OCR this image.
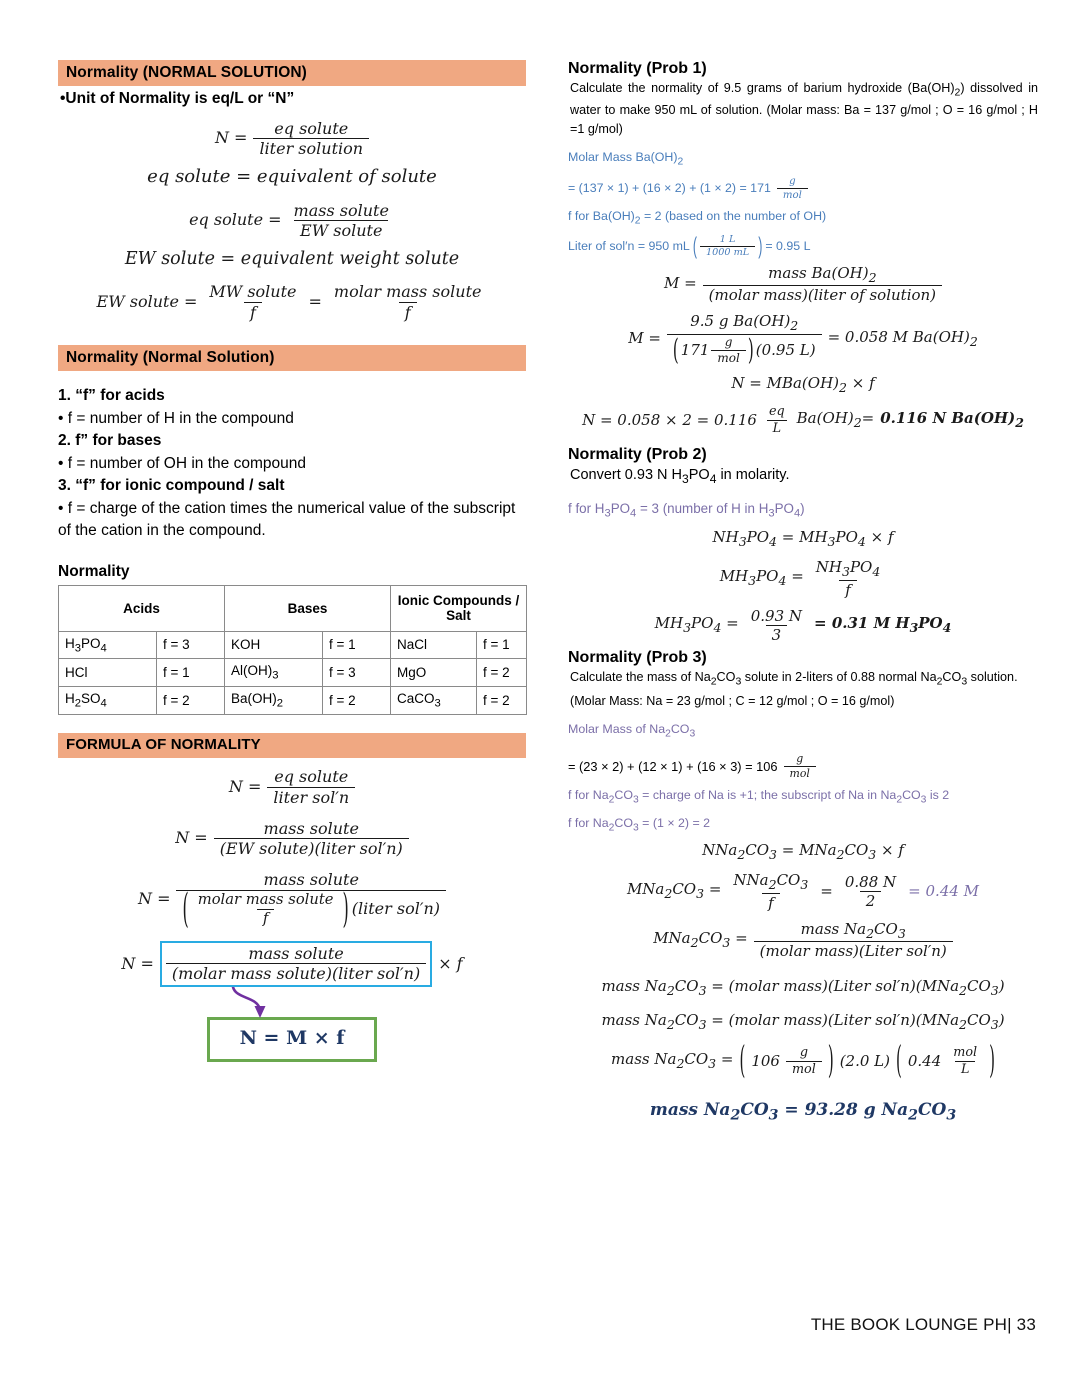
Normality (NORMAL SOLUTION)
•Unit of Normality is eq/L or “N”
$N = \frac{\text{eq solute}}{\text{liter solution}}$
eq solute = equivalent of solute
eq solute = $\frac{\text{mass solute}}{\text{EW solute}}$
EW solute = equivalent weight solute
EW solute = $\frac{\text{MW solute}}{f} = \frac{\text{molar mass solute}}{f}$
Normality (Normal Solution)
1. “f” for acids
• f = number of H in the compound
2. f” for bases
• f = number of OH in the compound
3. “f” for ionic compound / salt
• f = charge of the cation times the numerical value of the subscript of the cation in the compound.
Normality
Acids		Bases		Ionic Compounds / Salt	
$H_3PO_4$	f = 3	KOH	f = 1	NaCl	f = 1
HCl	f = 1	$Al(OH)_3$	f = 3	MgO	f = 2
$H_2SO_4$	f = 2	$Ba(OH)_2$	f = 2	CaCO$_3$	f = 2
FORMULA OF NORMALITY
$N = \frac{\text{eq solute}}{\text{liter sol′n}}$
$N = \frac{\text{mass solute}}{\text{(EW solute)(liter sol′n)}}$
N =
mass solute
( $\frac{\text{molar mass solute}}{f}$ ) (liter sol′n)
$N = \frac{\text{mass solute}}{\text{(molar mass solute)(liter sol′n)}} \times f$
N = M × f
Normality (Prob 1)
Calculate the normality of 9.5 grams of barium hydroxide $(Ba(OH)_2)$ dissolved in water to make 950 mL of solution. (Molar mass: Ba = 137 g/mol ; O = 16 g/mol ; H =1 g/mol)
Molar Mass $Ba(OH)_2$
= $(137 \times 1) + (16 \times 2) + (1 \times 2) = 171 \frac{g}{\text{mol}}$
f for $Ba(OH)_2 = 2$ (based on the number of OH)
Liter of sol′n = 950 mL ( $\frac{1 L}{1000 mL}$ ) = 0.95 L
$M = \frac{mass Ba(OH)_2}{\text{(molar mass)(liter of solution)}}$
M =
9.5 g $Ba(OH)_2$
( $171 \frac{g}{\text{mol}}$ ) (0.95 L)
= 0.058 M $Ba(OH)_2$
$N = MBa(OH)_2 \times f$
$N = 0.058 \times 2 = 0.116 \frac{eq}{L} Ba(OH)_2= 0.116$ N $Ba(OH)_2$
Normality (Prob 2)
Convert 0.93 N $H_3PO_4$ in molarity.
f for $H_3PO_4 = 3$ (number of H in $H_3PO_4$)
$NH_3PO_4 = MH_3PO_4 \times f$
$MH_3PO_4 = \frac{NH_3PO_4}{f}$
$MH_3PO_4 = \frac{0.93 N}{3} = 0.31$ M $H_3PO_4$
Normality (Prob 3)
Calculate the mass of $Na_2CO_3$ solute in 2-liters of 0.88 normal $Na_2CO_3$ solution.
(Molar Mass: Na = 23 g/mol ; C = 12 g/mol ; O = 16 g/mol)
Molar Mass of $Na_2CO_3$
= $(23 \times 2) + (12 \times 1) + (16 \times 3) = 106 \frac{g}{\text{mol}}$
f for $Na_2CO_3$ = charge of Na is +1; the subscript of Na in $Na_2CO_3$ is 2
f for $Na_2CO_3 = (1 \times 2) = 2$
$NNa_2CO_3 = MNa_2CO_3 \times f$
$MNa_2CO_3 = \frac{NNa_2CO_3}{f} = \frac{0.88 N}{2} = 0.44$ M
$MNa_2CO_3 = \frac{mass Na_2CO_3}{\text{(molar mass)(Liter sol′n)}}$
mass $Na_2CO_3$ = (molar mass)(Liter $sol'n)(MNa_2CO_3)$
mass $Na_2CO_3$ = (molar mass)(Liter $sol'n)(MNa_2CO_3)$
mass $Na_2CO_3$ = ( $106 \frac{g}{\text{mol}}$ ) (2.0 L) ( $0.44 \frac{\text{mol}}{L}$ )
mass $Na_2CO_3 = 93.28$ g $Na_2CO_3$
THE BOOK LOUNGE PH| 33
